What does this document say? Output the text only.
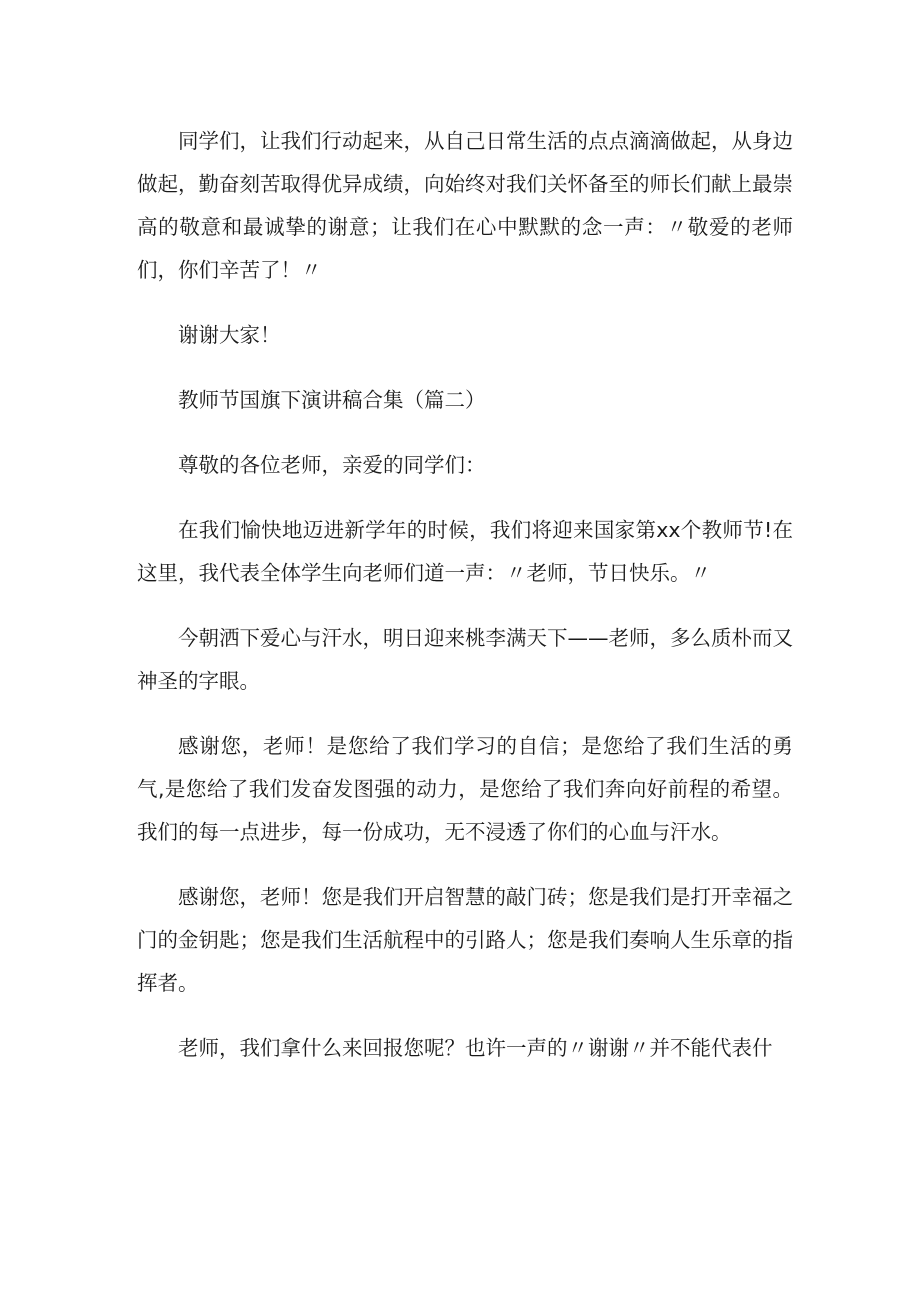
同学们，让我们行动起来，从自己日常生活的点点滴滴做起，从身边做起，勤奋刻苦取得优异成绩，向始终对我们关怀备至的师长们献上最崇高的敬意和最诚挚的谢意；让我们在心中默默的念一声：〃敬爱的老师们，你们辛苦了！〃

谢谢大家！

教师节国旗下演讲稿合集（篇二）

尊敬的各位老师，亲爱的同学们：

在我们愉快地迈进新学年的时候，我们将迎来国家第xx个教师节!在这里，我代表全体学生向老师们道一声：〃老师，节日快乐。〃

今朝洒下爱心与汗水，明日迎来桃李满天下——老师，多么质朴而又神圣的字眼。

感谢您，老师！是您给了我们学习的自信；是您给了我们生活的勇气,是您给了我们发奋发图强的动力，是您给了我们奔向好前程的希望。我们的每一点进步，每一份成功，无不浸透了你们的心血与汗水。

感谢您，老师！您是我们开启智慧的敲门砖；您是我们是打开幸福之门的金钥匙；您是我们生活航程中的引路人；您是我们奏响人生乐章的指挥者。

老师，我们拿什么来回报您呢？也许一声的〃谢谢〃并不能代表什
